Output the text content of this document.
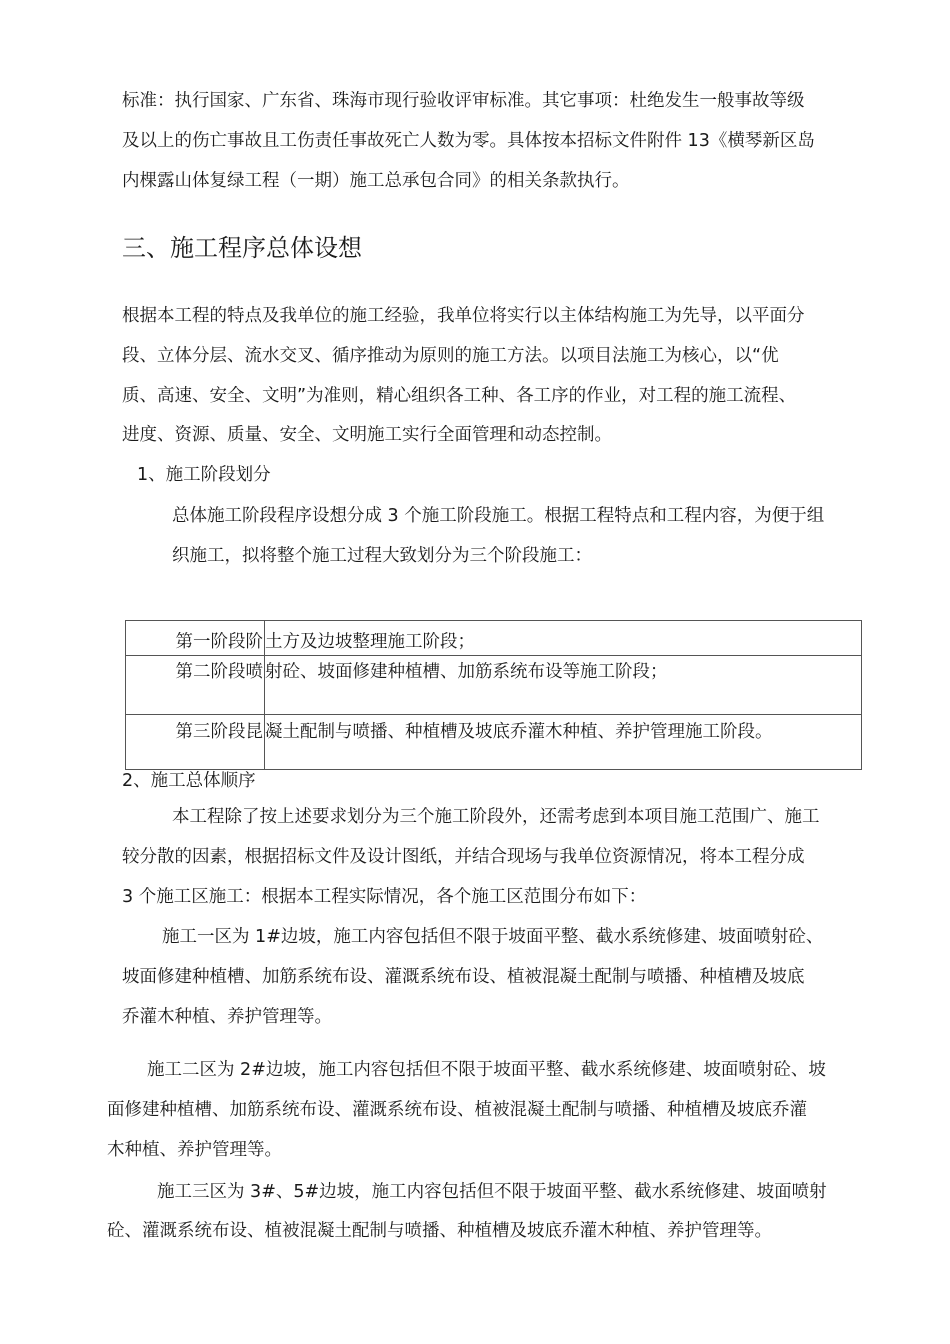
标准：执行国家、广东省、珠海市现行验收评审标准。其它事项：杜绝发生一般事故等级
及以上的伤亡事故且工伤责任事故死亡人数为零。具体按本招标文件附件 13《横琴新区岛
内棵露山体复绿工程（一期）施工总承包合同》的相关条款执行。
三、施工程序总体设想
根据本工程的特点及我单位的施工经验，我单位将实行以主体结构施工为先导，以平面分
段、立体分层、流水交叉、循序推动为原则的施工方法。以项目法施工为核心，以“优
质、高速、安全、文明”为准则，精心组织各工种、各工序的作业，对工程的施工流程、
进度、资源、质量、安全、文明施工实行全面管理和动态控制。
1、施工阶段划分
总体施工阶段程序设想分成 3 个施工阶段施工。根据工程特点和工程内容，为便于组
织施工，拟将整个施工过程大致划分为三个阶段施工：
第一阶段阶	土方及边坡整理施工阶段；
第二阶段喷	射砼、坡面修建种植槽、加筋系统布设等施工阶段；
第三阶段昆	凝土配制与喷播、种植槽及坡底乔灌木种植、养护管理施工阶段。
2、施工总体顺序
本工程除了按上述要求划分为三个施工阶段外，还需考虑到本项目施工范围广、施工
较分散的因素，根据招标文件及设计图纸，并结合现场与我单位资源情况，将本工程分成
3 个施工区施工：根据本工程实际情况，各个施工区范围分布如下：
施工一区为 1#边坡，施工内容包括但不限于坡面平整、截水系统修建、坡面喷射砼、
坡面修建种植槽、加筋系统布设、灌溉系统布设、植被混凝土配制与喷播、种植槽及坡底
乔灌木种植、养护管理等。
施工二区为 2#边坡，施工内容包括但不限于坡面平整、截水系统修建、坡面喷射砼、坡
面修建种植槽、加筋系统布设、灌溉系统布设、植被混凝土配制与喷播、种植槽及坡底乔灌
木种植、养护管理等。
施工三区为 3#、5#边坡，施工内容包括但不限于坡面平整、截水系统修建、坡面喷射
砼、灌溉系统布设、植被混凝土配制与喷播、种植槽及坡底乔灌木种植、养护管理等。
